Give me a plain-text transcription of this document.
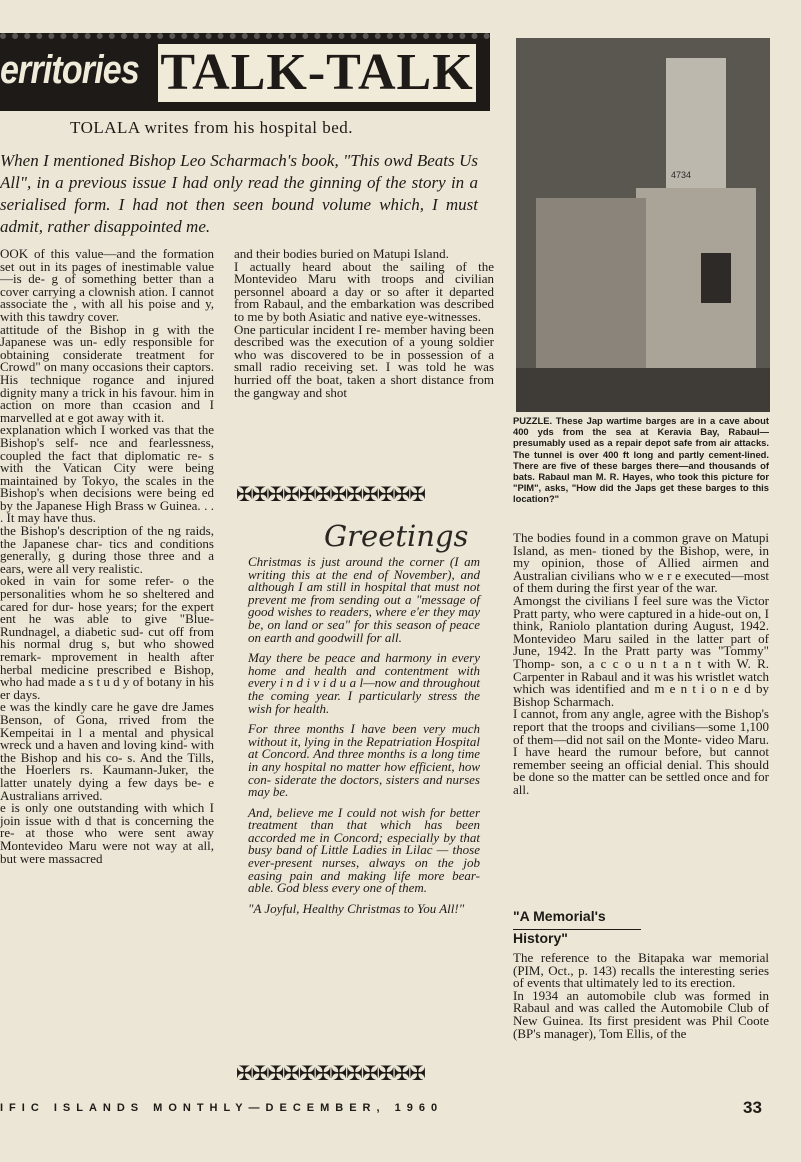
erritories TALK-TALK
TOLALA writes from his hospital bed.

When I mentioned Bishop Leo Scharmach's book, "This owd Beats Us All", in a previous issue I had only read the ginning of the story in a serialised form. I had not then seen bound volume which, I must admit, rather disappointed me.

OOK of this value—and the formation set out in its pages of inestimable value—is de- g of something better than a cover carrying a clownish ation. I cannot associate the , with all his poise and y, with this tawdry cover.

attitude of the Bishop in g with the Japanese was un- edly responsible for obtaining considerate treatment for Crowd" on many occasions their captors. His technique rogance and injured dignity many a trick in his favour. him in action on more than ccasion and I marvelled at e got away with it.

explanation which I worked vas that the Bishop's self- nce and fearlessness, coupled the fact that diplomatic re- s with the Vatican City were being maintained by Tokyo, the scales in the Bishop's when decisions were being ed by the Japanese High Brass w Guinea. . . . It may have thus.

the Bishop's description of the ng raids, the Japanese char- tics and conditions generally, g during those three and a ears, were all very realistic.

oked in vain for some refer- o the personalities whom he so sheltered and cared for dur- hose years; for the expert ent he was able to give "Blue- Rundnagel, a diabetic sud- cut off from his normal drug s, but who showed remark- mprovement in health after herbal medicine prescribed e Bishop, who had made a s t u d y of botany in his er days.

e was the kindly care he gave dre James Benson, of Gona, rrived from the Kempeitai in l a mental and physical wreck und a haven and loving kind- with the Bishop and his co- s. And the Tills, the Hoerlers rs. Kaumann-Juker, the latter unately dying a few days be- e Australians arrived.

e is only one outstanding with which I join issue with d that is concerning the re- at those who were sent away Montevideo Maru were not way at all, but were massacred

and their bodies buried on Matupi Island.

I actually heard about the sailing of the Montevideo Maru with troops and civilian personnel aboard a day or so after it departed from Rabaul, and the embarkation was described to me by both Asiatic and native eye-witnesses.

One particular incident I re- member having been described was the execution of a young soldier who was discovered to be in possession of a small radio receiving set. I was told he was hurried off the boat, taken a short distance from the gangway and shot

✠✠✠✠✠✠✠✠✠✠✠✠
Greetings

Christmas is just around the corner (I am writing this at the end of November), and although I am still in hospital that must not prevent me from sending out a "message of good wishes to readers, where e'er they may be, on land or sea" for this season of peace on earth and goodwill for all.

May there be peace and harmony in every home and health and contentment with every i n d i v i d u a l—now and throughout the coming year. I particularly stress the wish for health.

For three months I have been very much without it, lying in the Repatriation Hospital at Concord. And three months is a long time in any hospital no matter how efficient, how con- siderate the doctors, sisters and nurses may be.

And, believe me I could not wish for better treatment than that which has been accorded me in Concord; especially by that busy band of Little Ladies in Lilac — those ever-present nurses, always on the job easing pain and making life more bear- able. God bless every one of them.

"A Joyful, Healthy Christmas to You All!"

✠✠✠✠✠✠✠✠✠✠✠✠
4734
PUZZLE. These Jap wartime barges are in a cave about 400 yds from the sea at Keravia Bay, Rabaul—presumably used as a repair depot safe from air attacks. The tunnel is over 400 ft long and partly cement-lined. There are five of these barges there—and thousands of bats. Rabaul man M. R. Hayes, who took this picture for "PIM", asks, "How did the Japs get these barges to this location?"

The bodies found in a common grave on Matupi Island, as men- tioned by the Bishop, were, in my opinion, those of Allied airmen and Australian civilians who w e r e executed—most of them during the first year of the war.

Amongst the civilians I feel sure was the Victor Pratt party, who were captured in a hide-out on, I think, Raniolo plantation during August, 1942. Montevideo Maru sailed in the latter part of June, 1942. In the Pratt party was "Tommy" Thomp- son, a c c o u n t a n t with W. R. Carpenter in Rabaul and it was his wristlet watch which was identified and m e n t i o n e d by Bishop Scharmach.

I cannot, from any angle, agree with the Bishop's report that the troops and civilians—some 1,100 of them—did not sail on the Monte- video Maru. I have heard the rumour before, but cannot remember seeing an official denial. This should be done so the matter can be settled once and for all.

"A Memorial's
History"

The reference to the Bitapaka war memorial (PIM, Oct., p. 143) recalls the interesting series of events that ultimately led to its erection.

In 1934 an automobile club was formed in Rabaul and was called the Automobile Club of New Guinea. Its first president was Phil Coote (BP's manager), Tom Ellis, of the

IFIC ISLANDS MONTHLY—DECEMBER, 1960	33
